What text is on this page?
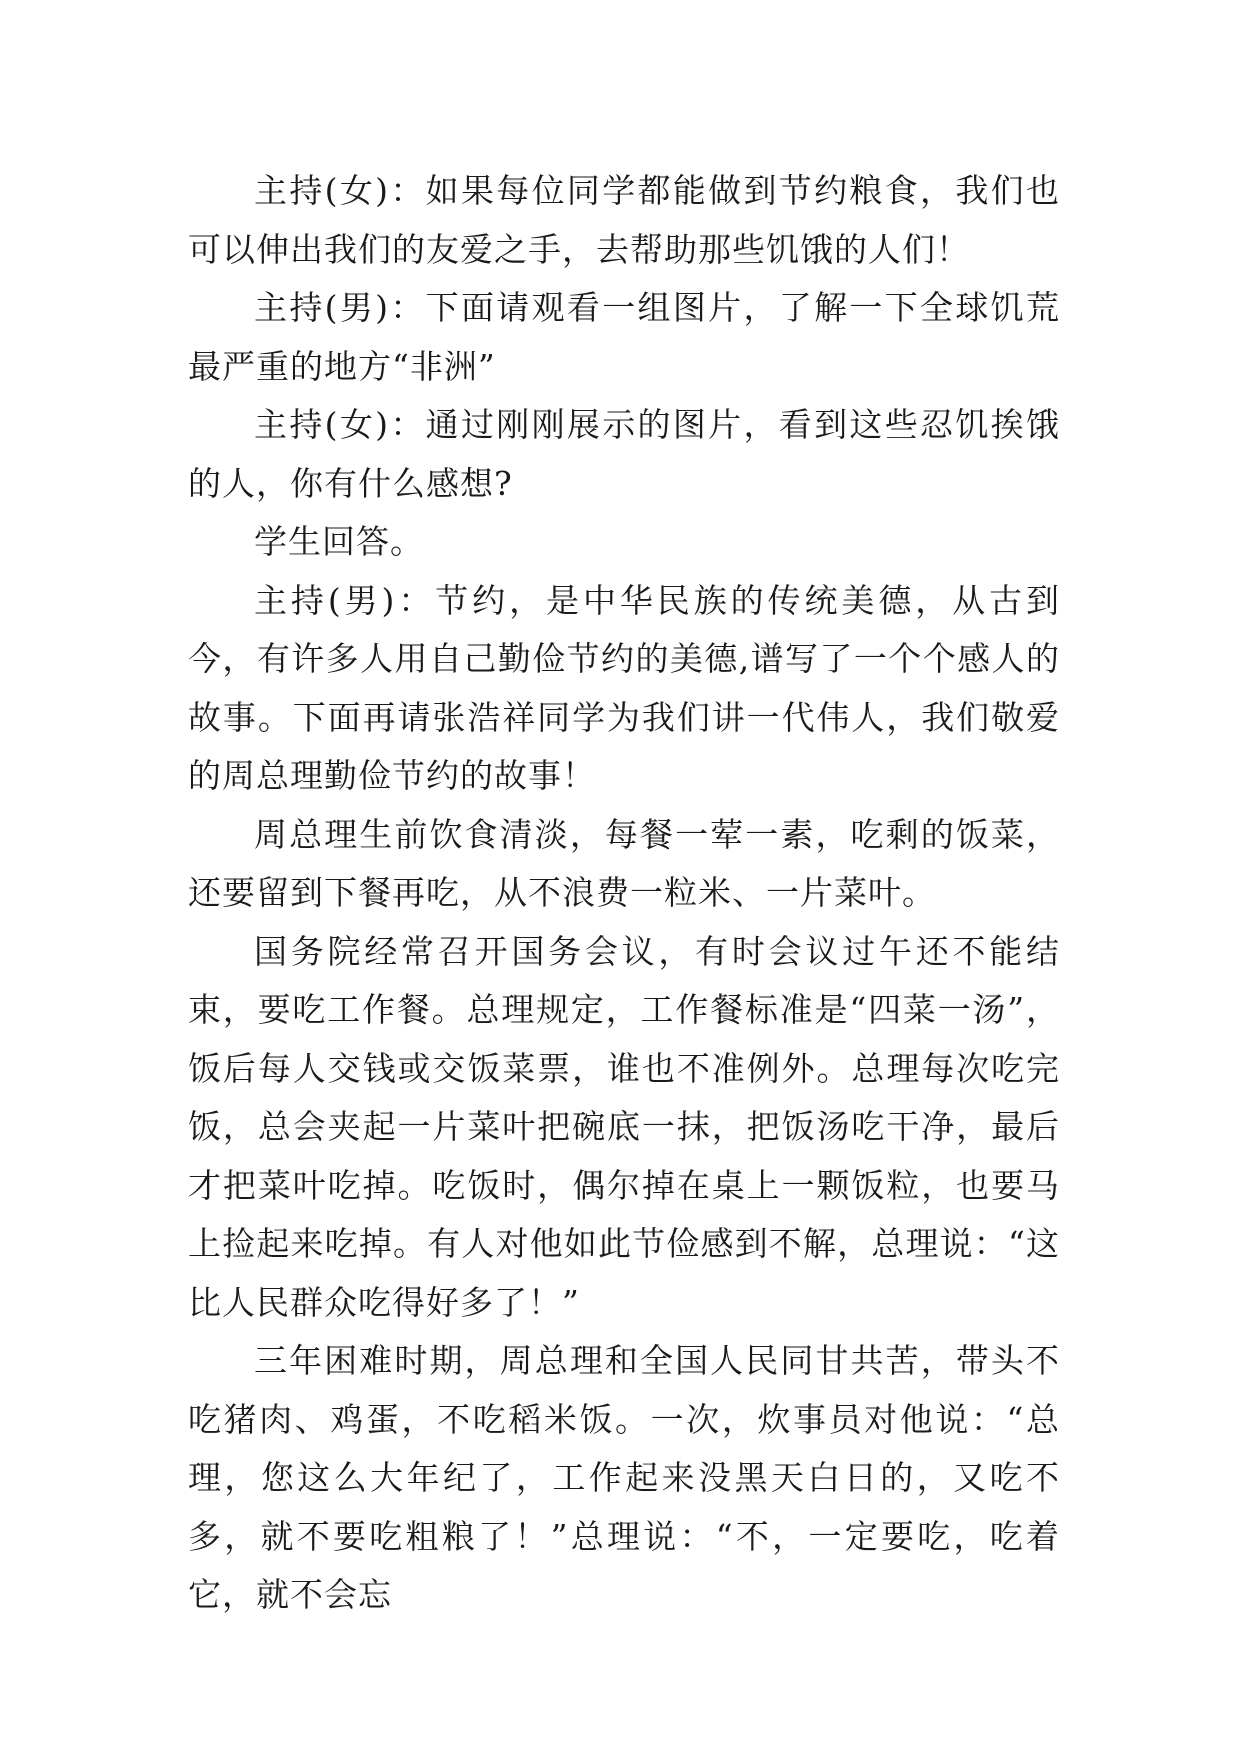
主持(女)：如果每位同学都能做到节约粮食，我们也可以伸出我们的友爱之手，去帮助那些饥饿的人们！

主持(男)：下面请观看一组图片，了解一下全球饥荒最严重的地方“非洲”

主持(女)：通过刚刚展示的图片，看到这些忍饥挨饿的人，你有什么感想?

学生回答。

主持(男)：节约，是中华民族的传统美德，从古到今，有许多人用自己勤俭节约的美德,谱写了一个个感人的故事。下面再请张浩祥同学为我们讲一代伟人，我们敬爱的周总理勤俭节约的故事！

周总理生前饮食清淡，每餐一荤一素，吃剩的饭菜，还要留到下餐再吃，从不浪费一粒米、一片菜叶。

国务院经常召开国务会议，有时会议过午还不能结束，要吃工作餐。总理规定，工作餐标准是“四菜一汤”，饭后每人交钱或交饭菜票，谁也不准例外。总理每次吃完饭，总会夹起一片菜叶把碗底一抹，把饭汤吃干净，最后才把菜叶吃掉。吃饭时，偶尔掉在桌上一颗饭粒，也要马上捡起来吃掉。有人对他如此节俭感到不解，总理说：“这比人民群众吃得好多了！”

三年困难时期，周总理和全国人民同甘共苦，带头不吃猪肉、鸡蛋，不吃稻米饭。一次，炊事员对他说：“总理，您这么大年纪了，工作起来没黑天白日的，又吃不多，就不要吃粗粮了！”总理说：“不，一定要吃，吃着它，就不会忘
